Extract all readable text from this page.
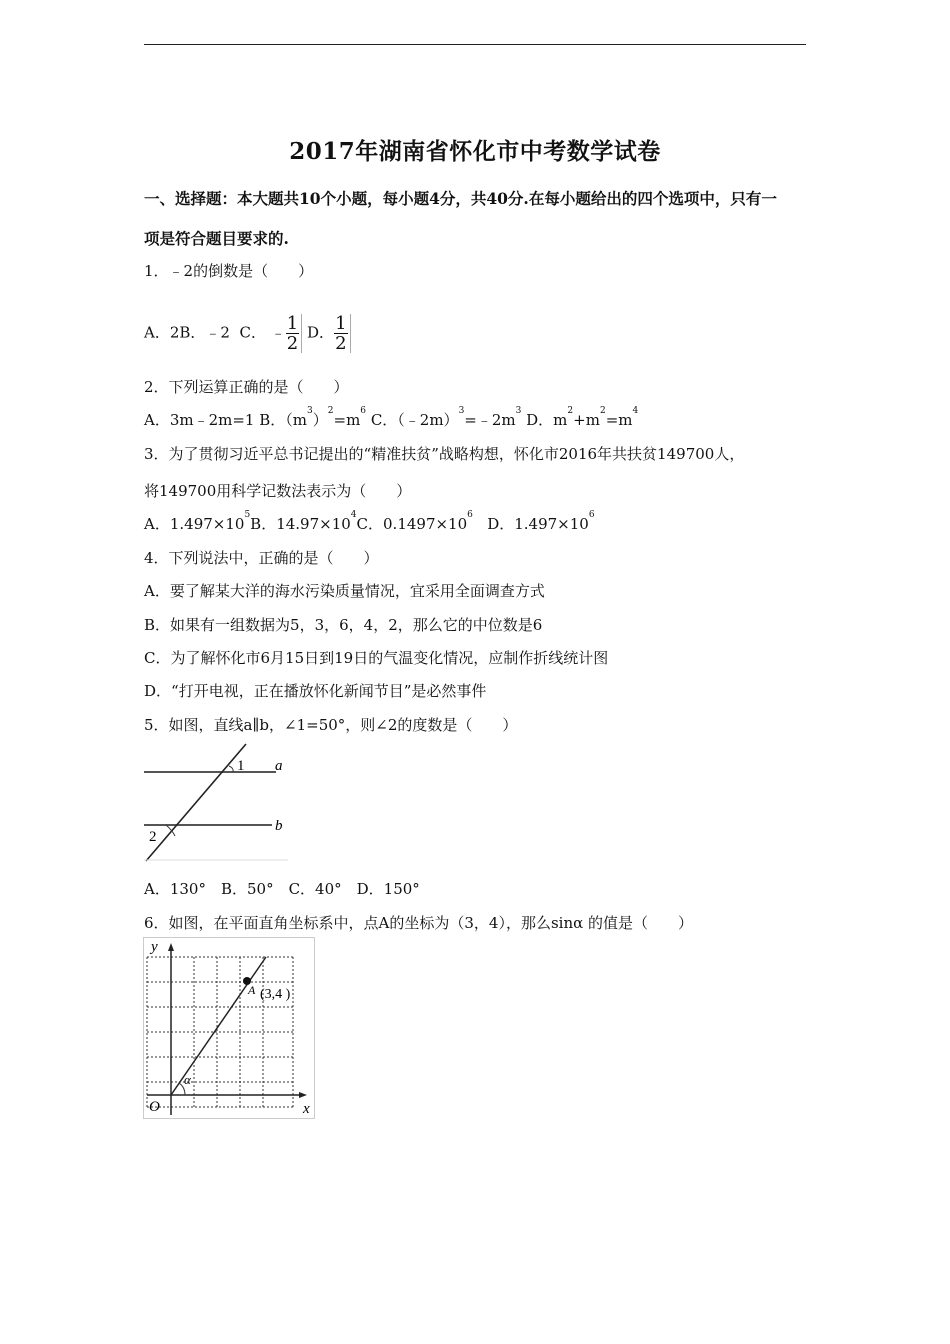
2017年湖南省怀化市中考数学试卷
一、选择题：本大题共10个小题，每小题4分，共40分.在每小题给出的四个选项中，只有一
项是符合题目要求的.
1．﹣2的倒数是（　　）
A．2B．﹣2 C． ﹣ $\frac{1}{2}$ D． $\frac{1}{2}$
2．下列运算正确的是（　　）
A．3m﹣2m=1 B．$(m^3)^2=m^6$ C．$(﹣2m)^3=﹣2m^3$ D．$m^2+m^2=m^4$
3．为了贯彻习近平总书记提出的“精准扶贫”战略构想，怀化市2016年共扶贫149700人，
将149700用科学记数法表示为（　　）
A．$1.497\times 10^5B$．$14.97\times 10^4C$．$0.1497\times 10^6$ D．$1.497\times 10^6$
4．下列说法中，正确的是（　　）
A．要了解某大洋的海水污染质量情况，宜采用全面调查方式
B．如果有一组数据为5，3，6，4，2，那么它的中位数是6
C．为了解怀化市6月15日到19日的气温变化情况，应制作折线统计图
D．“打开电视，正在播放怀化新闻节目”是必然事件
5．如图，直线a∥b，∠1=50°，则∠2的度数是（　　）
1
2
a
b
A．130°　B．50°　C．40°　D．150°
6．如图，在平面直角坐标系中，点A的坐标为（3，4），那么sinα 的值是（　　）
y
x
O
α
A (3,4 )
